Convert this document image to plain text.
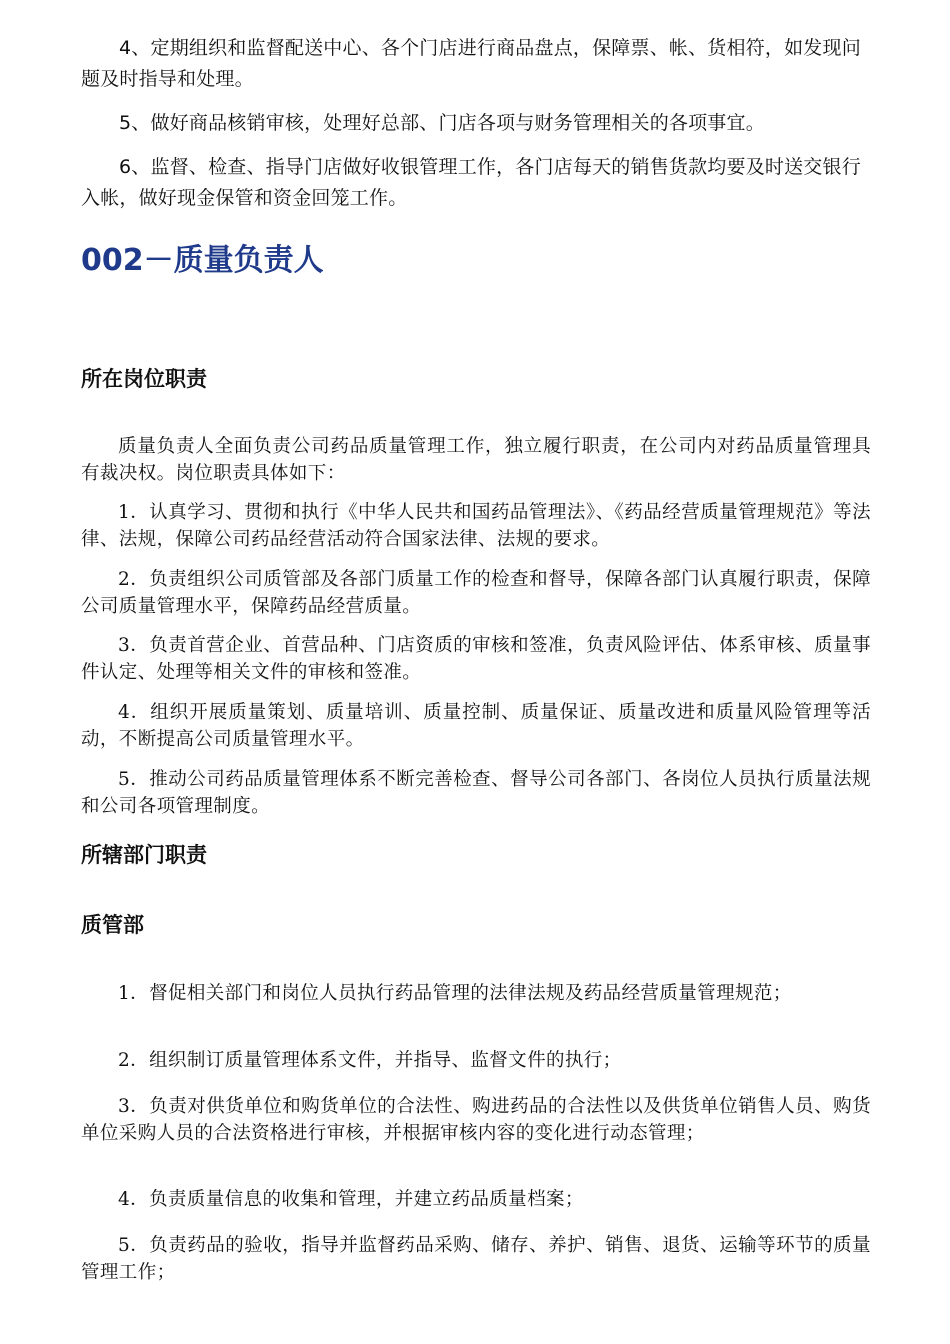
4、定期组织和监督配送中心、各个门店进行商品盘点，保障票、帐、货相符，如发现问题及时指导和处理。

5、做好商品核销审核，处理好总部、门店各项与财务管理相关的各项事宜。

6、监督、检查、指导门店做好收银管理工作，各门店每天的销售货款均要及时送交银行入帐，做好现金保管和资金回笼工作。

002－质量负责人
所在岗位职责

质量负责人全面负责公司药品质量管理工作，独立履行职责，在公司内对药品质量管理具有裁决权。岗位职责具体如下：

1．认真学习、贯彻和执行《中华人民共和国药品管理法》、《药品经营质量管理规范》等法律、法规，保障公司药品经营活动符合国家法律、法规的要求。

2．负责组织公司质管部及各部门质量工作的检查和督导，保障各部门认真履行职责，保障公司质量管理水平，保障药品经营质量。

3．负责首营企业、首营品种、门店资质的审核和签准，负责风险评估、体系审核、质量事件认定、处理等相关文件的审核和签准。

4．组织开展质量策划、质量培训、质量控制、质量保证、质量改进和质量风险管理等活动，不断提高公司质量管理水平。

5．推动公司药品质量管理体系不断完善检查、督导公司各部门、各岗位人员执行质量法规和公司各项管理制度。

所辖部门职责
质管部

1．督促相关部门和岗位人员执行药品管理的法律法规及药品经营质量管理规范；

2．组织制订质量管理体系文件，并指导、监督文件的执行；

3．负责对供货单位和购货单位的合法性、购进药品的合法性以及供货单位销售人员、购货单位采购人员的合法资格进行审核，并根据审核内容的变化进行动态管理；

4．负责质量信息的收集和管理，并建立药品质量档案；

5．负责药品的验收，指导并监督药品采购、储存、养护、销售、退货、运输等环节的质量管理工作；
